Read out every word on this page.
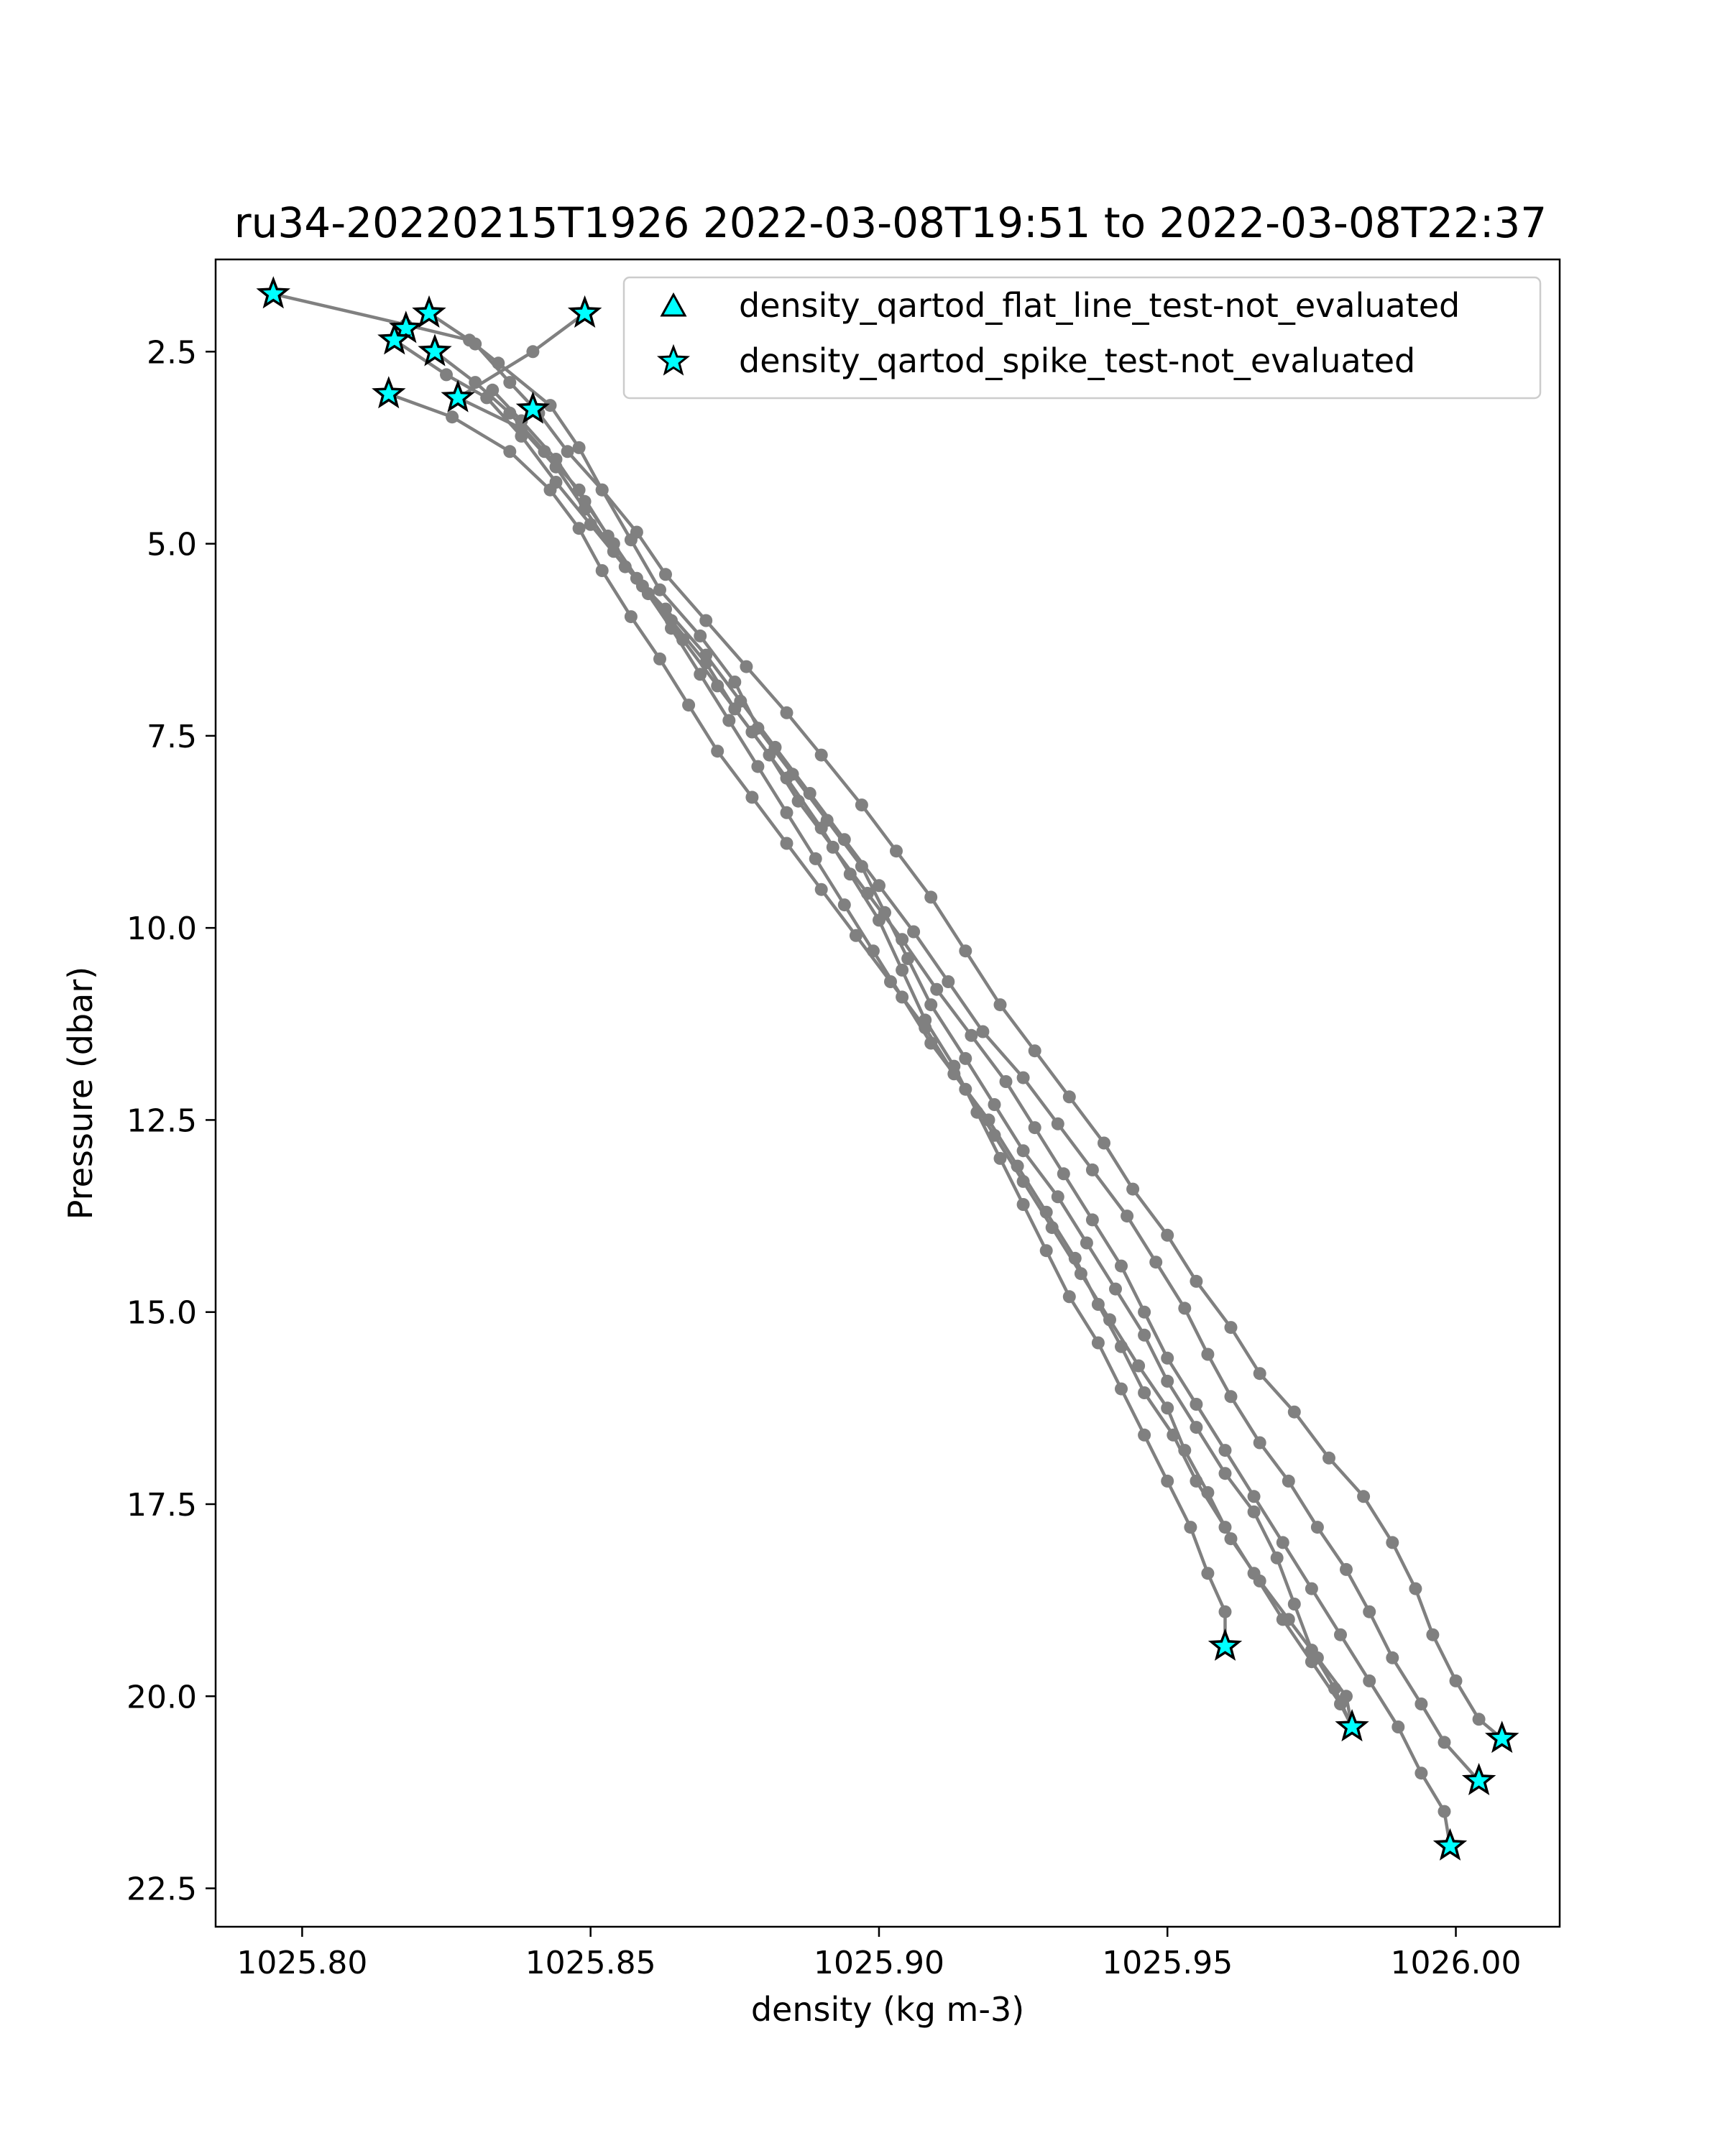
ru34-20220215T1926 2022-03-08T19:51 to 2022-03-08T22:37
1025.80	1025.85	1025.90	1025.95	1026.00
2.5
5.0
7.5
10.0
12.5
15.0
17.5
20.0
22.5
density (kg m-3)
Pressure (dbar)
density_qartod_flat_line_test-not_evaluated
density_qartod_spike_test-not_evaluated
